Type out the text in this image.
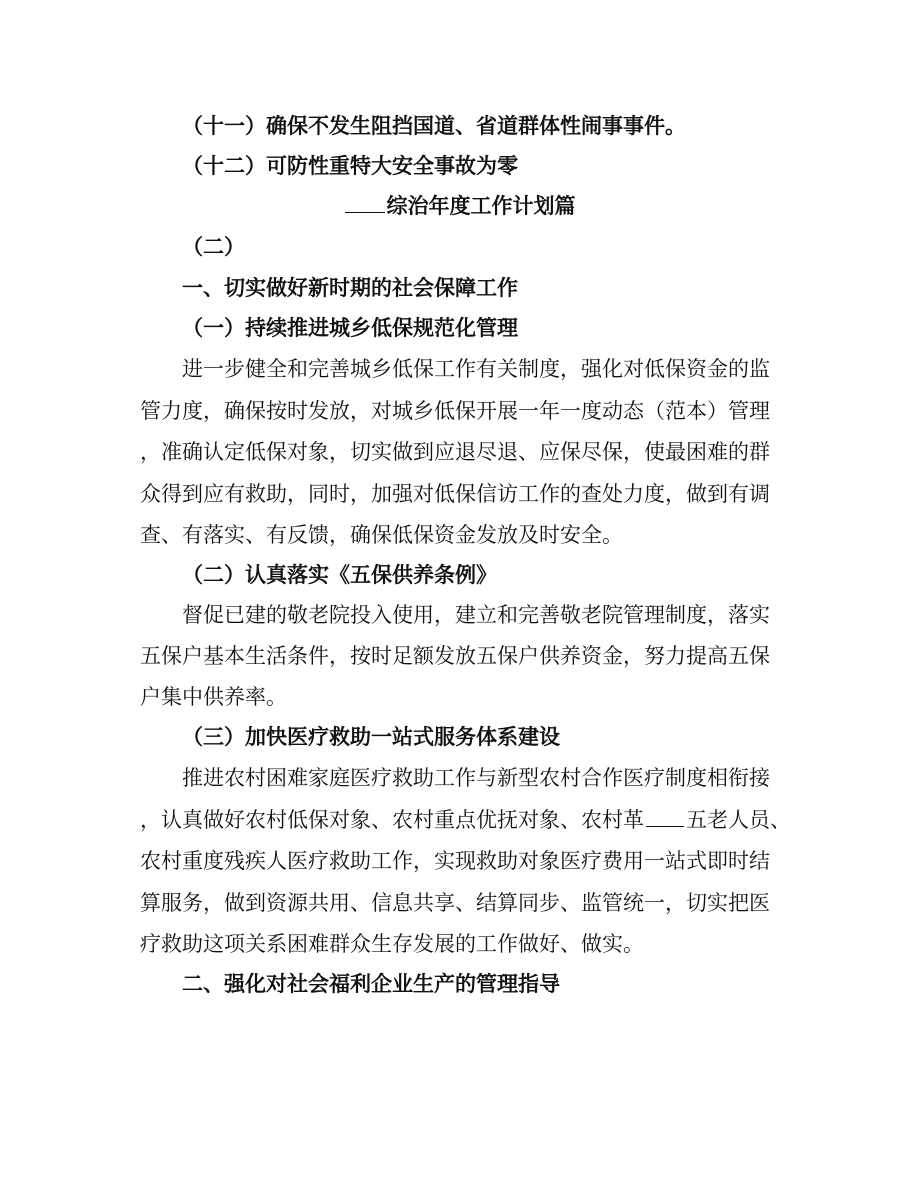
（十一）确保不发生阻挡国道、省道群体性闹事事件。
（十二）可防性重特大安全事故为零
综治年度工作计划篇
（二）
一、切实做好新时期的社会保障工作
（一）持续推进城乡低保规范化管理
进一步健全和完善城乡低保工作有关制度，强化对低保资金的监
管力度，确保按时发放，对城乡低保开展一年一度动态（范本）管理
，准确认定低保对象，切实做到应退尽退、应保尽保，使最困难的群
众得到应有救助，同时，加强对低保信访工作的查处力度，做到有调
查、有落实、有反馈，确保低保资金发放及时安全。
（二）认真落实《五保供养条例》
督促已建的敬老院投入使用，建立和完善敬老院管理制度，落实
五保户基本生活条件，按时足额发放五保户供养资金，努力提高五保
户集中供养率。
（三）加快医疗救助一站式服务体系建设
推进农村困难家庭医疗救助工作与新型农村合作医疗制度相衔接
，认真做好农村低保对象、农村重点优抚对象、农村革 五老人员、
农村重度残疾人医疗救助工作，实现救助对象医疗费用一站式即时结
算服务，做到资源共用、信息共享、结算同步、监管统一，切实把医
疗救助这项关系困难群众生存发展的工作做好、做实。
二、强化对社会福利企业生产的管理指导
